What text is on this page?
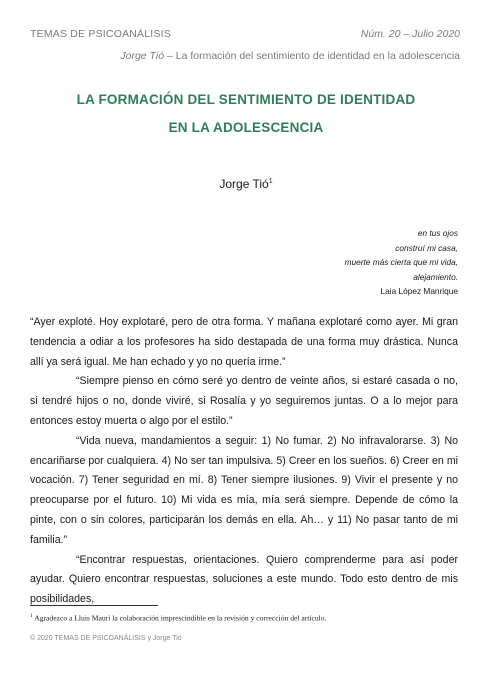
TEMAS DE PSICOANÁLISIS	Núm. 20 – Julio 2020
Jorge Tió – La formación del sentimiento de identidad en la adolescencia
LA FORMACIÓN DEL SENTIMIENTO DE IDENTIDAD
EN LA ADOLESCENCIA
Jorge Tió$^1$
en tus ojos
construí mi casa,
muerte más cierta que mi vida,
alejamiento.
Laia López Manrique

“Ayer exploté. Hoy explotaré, pero de otra forma. Y mañana explotaré como ayer. Mi gran tendencia a odiar a los profesores ha sido destapada de una forma muy drástica. Nunca allí ya será igual. Me han echado y yo no quería irme.”

“Siempre pienso en cómo seré yo dentro de veinte años, si estaré casada o no, si tendré hijos o no, donde viviré, si Rosalía y yo seguiremos juntas. O a lo mejor para entonces estoy muerta o algo por el estilo.”

“Vida nueva, mandamientos a seguir: 1) No fumar. 2) No infravalorarse. 3) No encariñarse por cualquiera. 4) No ser tan impulsiva. 5) Creer en los sueños. 6) Creer en mi vocación. 7) Tener seguridad en mí. 8) Tener siempre ilusiones. 9) Vivir el presente y no preocuparse por el futuro. 10) Mi vida es mía, mía será siempre. Depende de cómo la pinte, con o sin colores, participarán los demás en ella. Ah… y 11) No pasar tanto de mi familia.”

“Encontrar respuestas, orientaciones. Quiero comprenderme para así poder ayudar. Quiero encontrar respuestas, soluciones a este mundo. Todo esto dentro de mis posibilidades,

$^1$ Agradezco a Lluis Mauri la colaboración imprescindible en la revisión y corrección del artículo.
© 2020 TEMAS DE PSICOANÁLISIS y Jorge Tió
